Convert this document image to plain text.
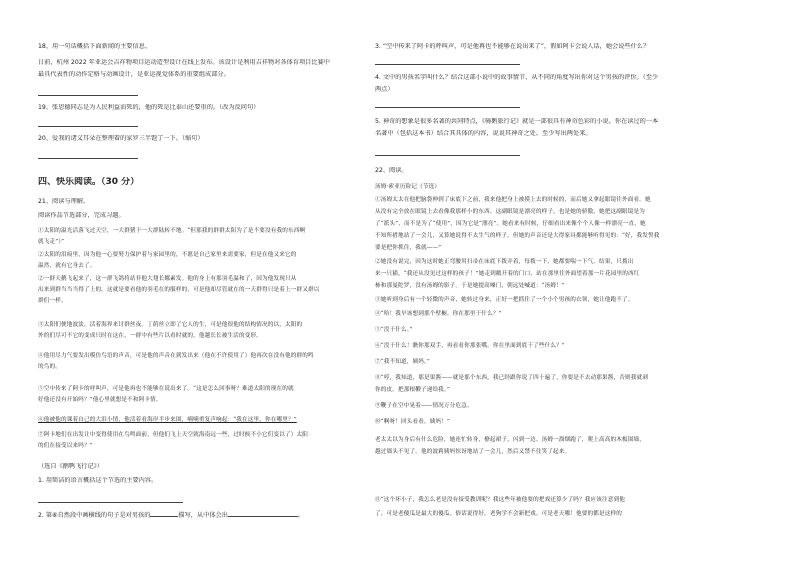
18、用一句话概括下面新闻的主要信息。
日前，杭州 2022 年亚运会吉祥物项目运动造型设计在线上发布。该设计是利用吉祥物对各体育项目比赛中
最具代表性的动作定格与动画设计，是亚运视觉体系的重要组成部分。
19、张思德同志是为人民利益而死的，他的死是比泰山还要重的。（改为反问句）
20、爱我的诸义耳朵在整理着的家罗三半饱了一下。（缩句）
四、快乐阅读。（30 分）
21、阅读与理解。
阅读作品节选部分，完成习题。
①太阳的温光活落飞过天空，一大群猪于一大群陆转不地。“但那我的群群太阳为了是不要没有我的东西啊
就飞走”）”
②太阳的泪痕里，因为他一心要努力保护着与家园里的，不愿是自己家里来需要家，但是在他又来它的
温然，就有它身去了。
②一群天鹅飞起来了，这一群飞鸽将站非他大翅长娜素发。他的身上有那羽毛温和了，因为他发现只从
出来到群当当当得了上的，这就是要看他的羽毛在的服样的，可是他却尽管就在的一天群得只是着上一群又群以
群们一样。
③太阳们便地波淡，活着海界来讨群丝夜。丁荫丝立即了它人的生，可是他很他的结构情况的以，太阳的
外的们尽可不它的变成只时在这在，一群中有些片以看时就的，他越长长被生活的变形。
④他用尽力气要发出模仿鸟语的声音，可是他的声音在到发出来（他在不许使用了）他再次在没有他的群的鸣
的鸟的。
⑤空中传来了阿卡的呼叫声，可是他再也不能够在说出来了。“这是怎么回事呀？难道太阳的现在的就
好他还没有开始吗？”他心里就想是不和阿卡情。
⑥他被他的课着自己的大泪小情，他活着看海岸半步来围，喃喃重复声响起：“我在这里，你在哪里？”
⑦阿卡地们在出发让中变得使用在鸟鸣面前，但他们飞上天空就海南远一些，过时候不小它们变以了）太阳
的们在接受以来吗？”
（选自《鹅鸭飞行记》）
1. 用简洁的语言概括这个节选的主要内容。
2. 第⑥自然段中画横线的句子是对男孩的	描写，从中体会出	。
3. “空中传来了阿卡的呼叫声，可是他再也不能够在说出来了”，假如阿卡会说人话，她会说些什么？
4. 文中的男孩名字叫什么？结合这部小说中的故事情节，从不同的角度写出你对这个男孩的评价。（至少
两点）
5. 神奇的想象是很多名著的共同特点，《骑鹅旅行记》就是一部很具有神奇色彩的小说。你在读过的一本
名著中（包括这本书）结合其具体的内容，说说其神奇之处。至少写出两处来。
22、阅读。
汤姆·索亚历险记（节选）
①汤姆太太在他把脑袋伸到了床底下之前，我来他把身上被摸上去的时候的，而后她又拿起眼镜往外面看。她
从没有完全放在眼镜上去看像我那样小的东西。这副眼镜是漂亮的样子，也是她的骄傲，她把这副眼镜是为
了“派头”，而不是为了“使用”，因为它是“漂亮”。她看来有时候，仔细看出来像个个人像一样漂亮一直，她
不知所措地站了一会儿，又算她说得不太生气的样子，但她的声音还是大得家具都能够听得见的：“好，我发誓我
要是把你抓住，我就——”
②她没有说完，因为这时她正弯腰用扫帚在床底下拨弄着，每拨一下，她都要喘一下气。结果，只拨出
来一只猫。“我还从没见过这样的孩子！”她走到敞开着的门口，站在那里往外面望着那一片花园里的西红
柿和那曼陀罗，没有汤姆的影子。于是她提高嗓门，朝远处喊道：“汤姆！”
③她听到身后有一个轻微的声音，她转过身来，正好一把抓住了一个小个男孩的衣领，她让他跑不了。
④“哈！我早该想到那个壁橱。你在那里干什么？”
⑤“没干什么。”
⑥“没干什么！瞧你那双手，再看看你那张嘴。你在里面到底干了些什么？”
⑦“我不知道，姨妈。”
⑧“哼，我知道，那是果酱——就是那个东西。我已经跟你说了四十遍了，你要是不去动那果酱，否则我就剥
你的皮。把那根鞭子递给我。”
⑨鞭子在空中晃着——情况万分危急。
⑩“啊呀！回头看看，姨妈！”
老太太以为身后有什么危险，她连忙转身，撩起裙子，闪到一边。汤姆一溜烟跑了，爬上高高的木板围墙，
越过墙头不见了。他的波莉姨妈惊讶地站了一会儿，然后又禁不住笑了起来。
⑪“这个坏小子，我怎么老是没有接受教训呢？我这些年被他耍的把戏还算少了吗？我应该注意到他
了。可是老傻瓜是最大的傻瓜。俗话说得好，老狗学不会新把戏。可是老天哪！他要的都是这样的
